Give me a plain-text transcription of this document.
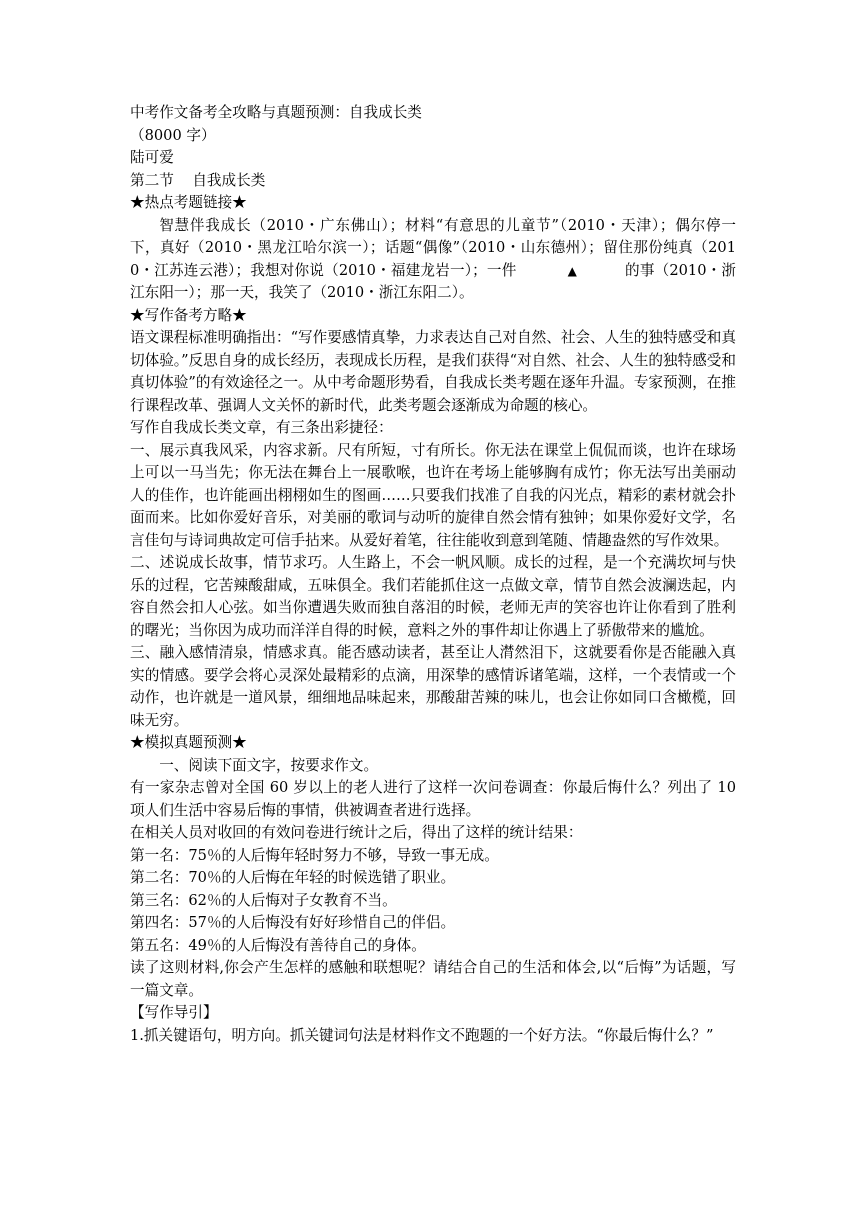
中考作文备考全攻略与真题预测：自我成长类
（8000 字）
陆可爱
第二节    自我成长类
★热点考题链接★
智慧伴我成长（2010・广东佛山）；材料“有意思的儿童节”（2010・天津）；偶尔停一下，真好（2010・黑龙江哈尔滨一）；话题“偶像”（2010・山东德州）；留住那份纯真（2010・江苏连云港）；我想对你说（2010・福建龙岩一）；一件	▲	的事（2010・浙江东阳一）；那一天，我笑了（2010・浙江东阳二）。
★写作备考方略★
语文课程标准明确指出：“写作要感情真挚，力求表达自己对自然、社会、人生的独特感受和真切体验。”反思自身的成长经历，表现成长历程，是我们获得“对自然、社会、人生的独特感受和真切体验”的有效途径之一。从中考命题形势看，自我成长类考题在逐年升温。专家预测，在推行课程改革、强调人文关怀的新时代，此类考题会逐渐成为命题的核心。
写作自我成长类文章，有三条出彩捷径：
一、展示真我风采，内容求新。尺有所短，寸有所长。你无法在课堂上侃侃而谈，也许在球场上可以一马当先；你无法在舞台上一展歌喉，也许在考场上能够胸有成竹；你无法写出美丽动人的佳作，也许能画出栩栩如生的图画……只要我们找准了自我的闪光点，精彩的素材就会扑面而来。比如你爱好音乐，对美丽的歌词与动听的旋律自然会情有独钟；如果你爱好文学，名言佳句与诗词典故定可信手拈来。从爱好着笔，往往能收到意到笔随、情趣盎然的写作效果。
二、述说成长故事，情节求巧。人生路上，不会一帆风顺。成长的过程，是一个充满坎坷与快乐的过程，它苦辣酸甜咸，五味俱全。我们若能抓住这一点做文章，情节自然会波澜迭起，内容自然会扣人心弦。如当你遭遇失败而独自落泪的时候，老师无声的笑容也许让你看到了胜利的曙光；当你因为成功而洋洋自得的时候，意料之外的事件却让你遇上了骄傲带来的尴尬。
三、融入感情清泉，情感求真。能否感动读者，甚至让人潸然泪下，这就要看你是否能融入真实的情感。要学会将心灵深处最精彩的点滴，用深挚的感情诉诸笔端，这样，一个表情或一个动作，也许就是一道风景，细细地品味起来，那酸甜苦辣的味儿，也会让你如同口含橄榄，回味无穷。
★模拟真题预测★
一、阅读下面文字，按要求作文。
有一家杂志曾对全国 60 岁以上的老人进行了这样一次问卷调查：你最后悔什么？列出了 10 项人们生活中容易后悔的事情，供被调查者进行选择。
在相关人员对收回的有效问卷进行统计之后，得出了这样的统计结果：
第一名：75％的人后悔年轻时努力不够，导致一事无成。
第二名：70％的人后悔在年轻的时候选错了职业。
第三名：62％的人后悔对子女教育不当。
第四名：57％的人后悔没有好好珍惜自己的伴侣。
第五名：49％的人后悔没有善待自己的身体。
读了这则材料,你会产生怎样的感触和联想呢？请结合自己的生活和体会,以“后悔”为话题，写一篇文章。
【写作导引】
1.抓关键语句，明方向。抓关键词句法是材料作文不跑题的一个好方法。“你最后悔什么？”
